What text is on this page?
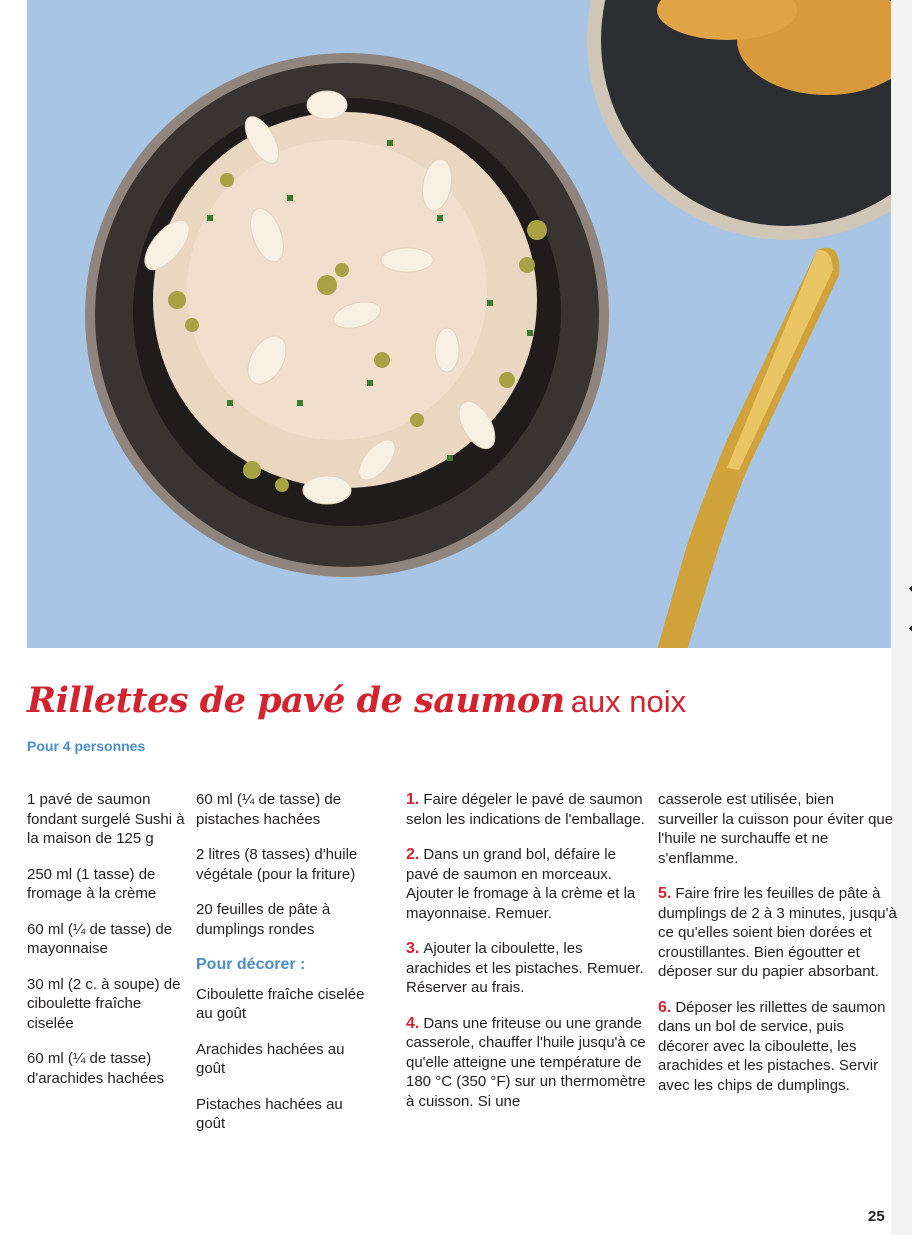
Rillettes de pavé de saumon aux noix
Pour 4 personnes

1 pavé de saumon fondant surgelé Sushi à la maison de 125 g

250 ml (1 tasse) de fromage à la crème

60 ml (¼ de tasse) de mayonnaise

30 ml (2 c. à soupe) de ciboulette fraîche ciselée

60 ml (¼ de tasse) d'arachides hachées

60 ml (¼ de tasse) de pistaches hachées

2 litres (8 tasses) d'huile végétale (pour la friture)

20 feuilles de pâte à dumplings rondes

Pour décorer :

Ciboulette fraîche ciselée au goût

Arachides hachées au goût

Pistaches hachées au goût

1. Faire dégeler le pavé de saumon selon les indications de l'emballage.

2. Dans un grand bol, défaire le pavé de saumon en morceaux. Ajouter le fromage à la crème et la mayonnaise. Remuer.

3. Ajouter la ciboulette, les arachides et les pistaches. Remuer. Réserver au frais.

4. Dans une friteuse ou une grande casserole, chauffer l'huile jusqu'à ce qu'elle atteigne une température de 180 °C (350 °F) sur un thermomètre à cuisson. Si une

casserole est utilisée, bien surveiller la cuisson pour éviter que l'huile ne surchauffe et ne s'enflamme.

5. Faire frire les feuilles de pâte à dumplings de 2 à 3 minutes, jusqu'à ce qu'elles soient bien dorées et croustillantes. Bien égoutter et déposer sur du papier absorbant.

6. Déposer les rillettes de saumon dans un bol de service, puis décorer avec la ciboulette, les arachides et les pistaches. Servir avec les chips de dumplings.

25
